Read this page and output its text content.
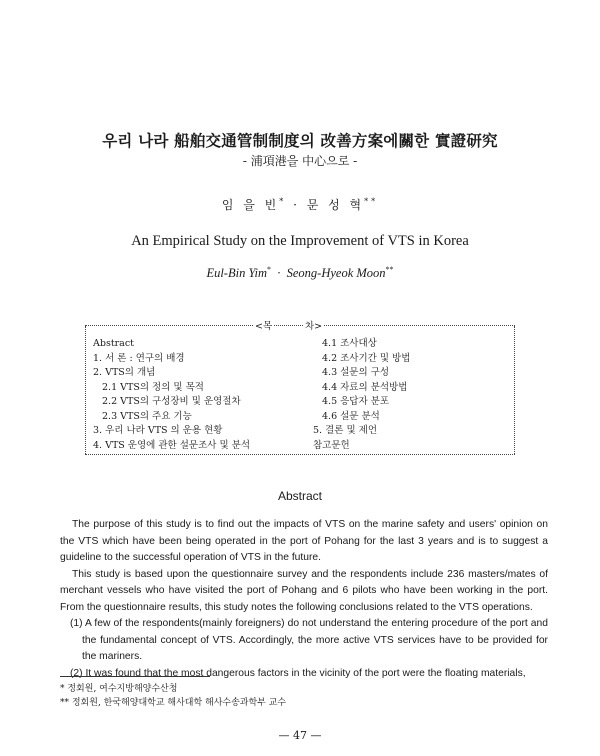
우리 나라 船舶交通管制制度의 改善方案에關한 實證研究
- 浦項港을 中心으로 -
임 을 빈* · 문 성 혁**
An Empirical Study on the Improvement of VTS in Korea
Eul-Bin Yim* · Seong-Hyeok Moon**
<목	차>
Abstract
1. 서 론 : 연구의 배경
2. VTS의 개념
2.1 VTS의 정의 및 목적
2.2 VTS의 구성장비 및 운영절차
2.3 VTS의 주요 기능
3. 우리 나라 VTS 의 운용 현황
4. VTS 운영에 관한 설문조사 및 분석
4.1 조사대상
4.2 조사기간 및 방법
4.3 설문의 구성
4.4 자료의 분석방법
4.5 응답자 분포
4.6 설문 분석
5. 결론 및 제언
참고문헌
Abstract

The purpose of this study is to find out the impacts of VTS on the marine safety and users' opinion on the VTS which have been being operated in the port of Pohang for the last 3 years and is to suggest a guideline to the successful operation of VTS in the future.

This study is based upon the questionnaire survey and the respondents include 236 masters/mates of merchant vessels who have visited the port of Pohang and 6 pilots who have been working in the port. From the questionnaire results, this study notes the following conclusions related to the VTS operations.

(1) A few of the respondents(mainly foreigners) do not understand the entering procedure of the port and the fundamental concept of VTS. Accordingly, the more active VTS services have to be provided for the mariners.
(2) It was found that the most dangerous factors in the vicinity of the port were the floating materials,
* 정회원, 여수지방해양수산청
** 정회원, 한국해양대학교 해사대학 해사수송과학부 교수
— 47 —
